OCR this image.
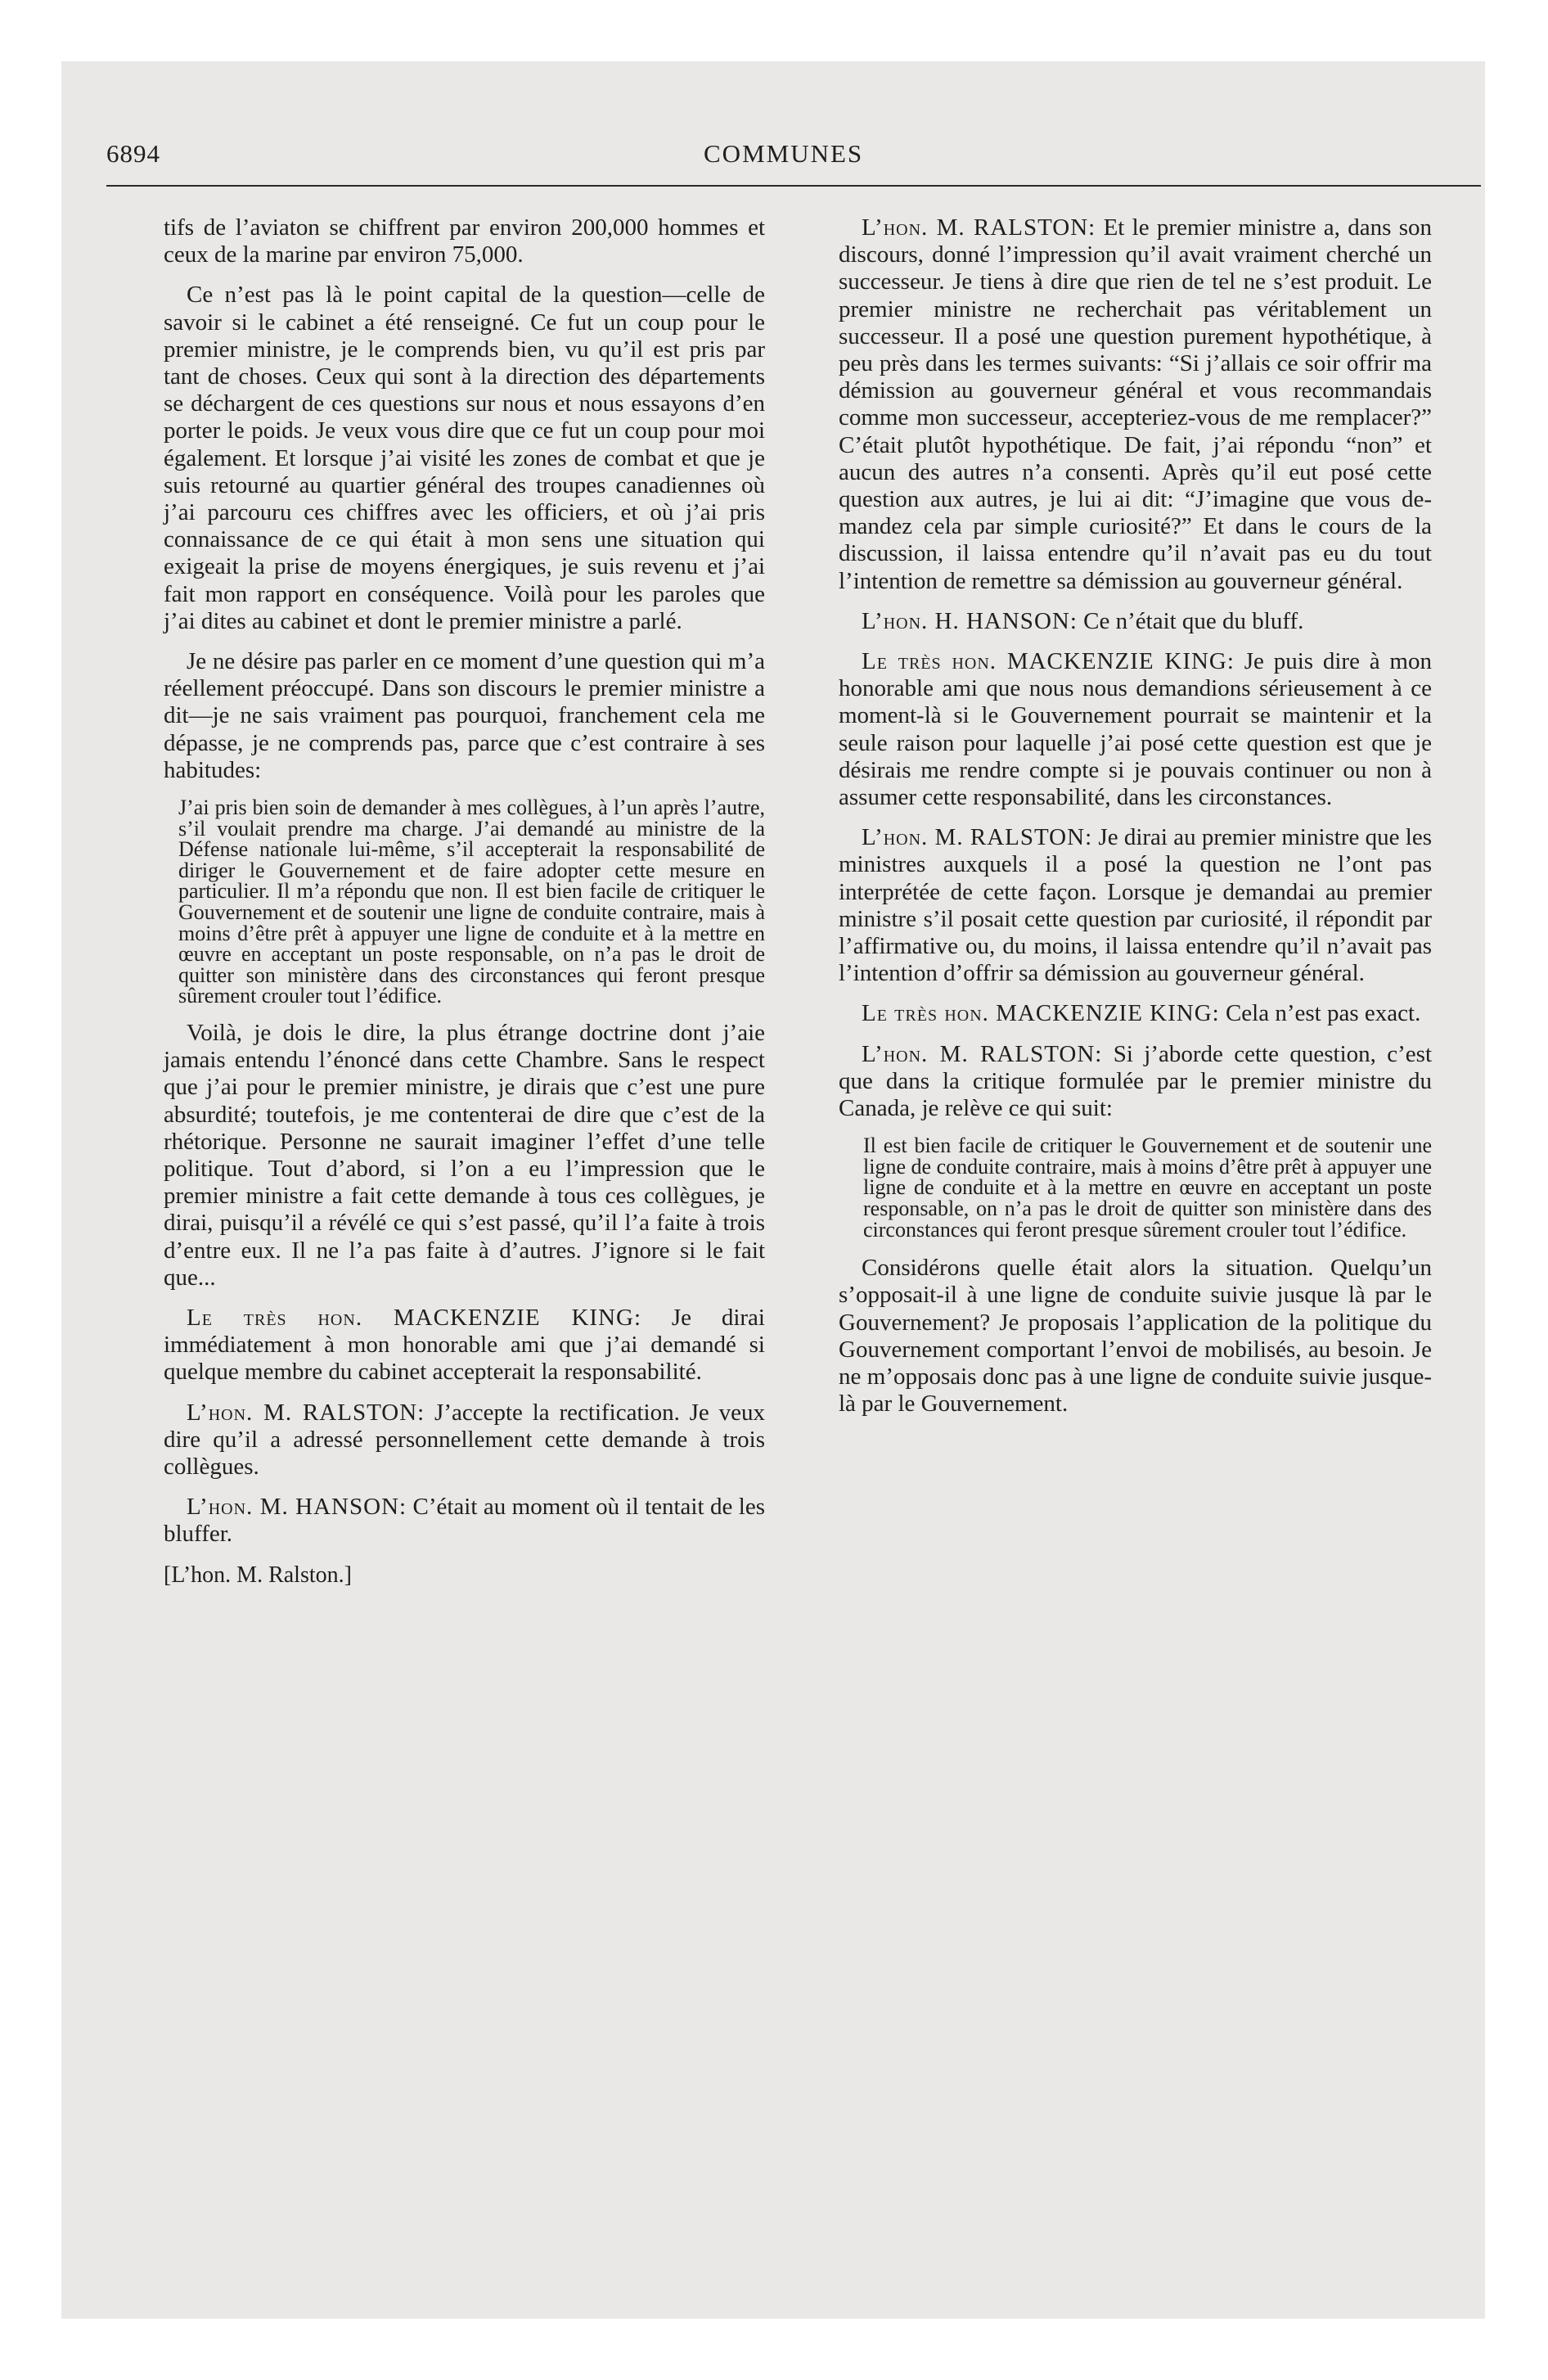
6894	COMMUNES

tifs de l’aviaton se chiffrent par environ 200,000 hommes et ceux de la marine par environ 75,000.

Ce n’est pas là le point capital de la question—celle de savoir si le cabinet a été renseigné. Ce fut un coup pour le premier ministre, je le comprends bien, vu qu’il est pris par tant de choses. Ceux qui sont à la direction des départements se déchargent de ces questions sur nous et nous essayons d’en porter le poids. Je veux vous dire que ce fut un coup pour moi également. Et lorsque j’ai visité les zones de combat et que je suis retourné au quartier général des troupes canadiennes où j’ai parcouru ces chiffres avec les officiers, et où j’ai pris connaissance de ce qui était à mon sens une situation qui exigeait la prise de moyens énergiques, je suis revenu et j’ai fait mon rapport en conséquence. Voilà pour les paroles que j’ai dites au cabinet et dont le premier ministre a parlé.

Je ne désire pas parler en ce moment d’une question qui m’a réellement préoccupé. Dans son discours le premier ministre a dit—je ne sais vraiment pas pourquoi, franchement cela me dépasse, je ne comprends pas, parce que c’est contraire à ses habitudes:

J’ai pris bien soin de demander à mes collègues, à l’un après l’autre, s’il voulait prendre ma charge. J’ai demandé au ministre de la Défense nationale lui-même, s’il accepterait la responsabilité de diriger le Gouvernement et de faire adopter cette mesure en particulier. Il m’a répondu que non. Il est bien facile de critiquer le Gouvernement et de soutenir une ligne de conduite contraire, mais à moins d’être prêt à appuyer une ligne de conduite et à la mettre en œuvre en acceptant un poste responsable, on n’a pas le droit de quitter son ministère dans des circonstances qui feront presque sûrement crouler tout l’édifice.

Voilà, je dois le dire, la plus étrange doctrine dont j’aie jamais entendu l’énoncé dans cette Chambre. Sans le respect que j’ai pour le premier ministre, je dirais que c’est une pure absurdité; toutefois, je me contenterai de dire que c’est de la rhétorique. Personne ne saurait imaginer l’effet d’une telle politique. Tout d’abord, si l’on a eu l’impression que le premier ministre a fait cette demande à tous ces collègues, je dirai, puisqu’il a révélé ce qui s’est passé, qu’il l’a faite à trois d’entre eux. Il ne l’a pas faite à d’autres. J’ignore si le fait que...

Le très hon. MACKENZIE KING: Je dirai immédiatement à mon honorable ami que j’ai demandé si quelque membre du cabinet accepterait la responsabilité.

L’hon. M. RALSTON: J’accepte la rectification. Je veux dire qu’il a adressé personnellement cette demande à trois collègues.

L’hon. M. HANSON: C’était au moment où il tentait de les bluffer.

[L’hon. M. Ralston.]

L’hon. M. RALSTON: Et le premier ministre a, dans son discours, donné l’impression qu’il avait vraiment cherché un successeur. Je tiens à dire que rien de tel ne s’est produit. Le premier ministre ne recherchait pas véritablement un successeur. Il a posé une question purement hypothétique, à peu près dans les termes suivants: “Si j’allais ce soir offrir ma démission au gouverneur général et vous recommandais comme mon successeur, accepteriez-vous de me remplacer?” C’était plutôt hypothétique. De fait, j’ai répondu “non” et aucun des autres n’a consenti. Après qu’il eut posé cette question aux autres, je lui ai dit: “J’imagine que vous demandez cela par simple curiosité?” Et dans le cours de la discussion, il laissa entendre qu’il n’avait pas eu du tout l’intention de remettre sa démission au gouverneur général.

L’hon. H. HANSON: Ce n’était que du bluff.

Le très hon. MACKENZIE KING: Je puis dire à mon honorable ami que nous nous demandions sérieusement à ce moment-là si le Gouvernement pourrait se maintenir et la seule raison pour laquelle j’ai posé cette question est que je désirais me rendre compte si je pouvais continuer ou non à assumer cette responsabilité, dans les circonstances.

L’hon. M. RALSTON: Je dirai au premier ministre que les ministres auxquels il a posé la question ne l’ont pas interprétée de cette façon. Lorsque je demandai au premier ministre s’il posait cette question par curiosité, il répondit par l’affirmative ou, du moins, il laissa entendre qu’il n’avait pas l’intention d’offrir sa démission au gouverneur général.

Le très hon. MACKENZIE KING: Cela n’est pas exact.

L’hon. M. RALSTON: Si j’aborde cette question, c’est que dans la critique formulée par le premier ministre du Canada, je relève ce qui suit:

Il est bien facile de critiquer le Gouvernement et de soutenir une ligne de conduite contraire, mais à moins d’être prêt à appuyer une ligne de conduite et à la mettre en œuvre en acceptant un poste responsable, on n’a pas le droit de quitter son ministère dans des circonstances qui feront presque sûrement crouler tout l’édifice.

Considérons quelle était alors la situation. Quelqu’un s’opposait-il à une ligne de conduite suivie jusque là par le Gouvernement? Je proposais l’application de la politique du Gouvernement comportant l’envoi de mobilisés, au besoin. Je ne m’opposais donc pas à une ligne de conduite suivie jusque-là par le Gouvernement.
